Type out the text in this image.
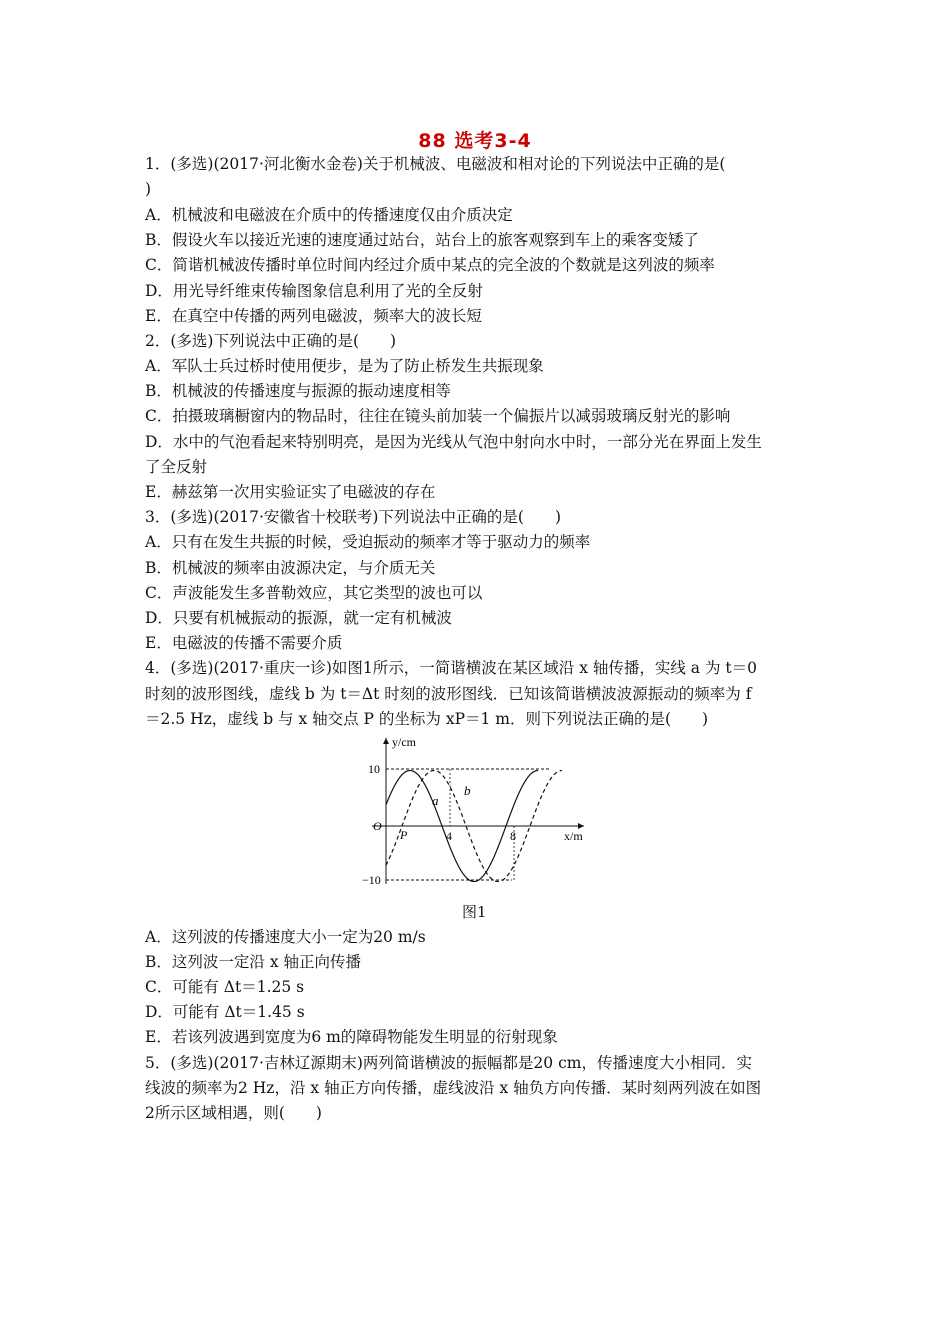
88 选考3-4
1．(多选)(2017·河北衡水金卷)关于机械波、电磁波和相对论的下列说法中正确的是(
)
A．机械波和电磁波在介质中的传播速度仅由介质决定
B．假设火车以接近光速的速度通过站台，站台上的旅客观察到车上的乘客变矮了
C．简谐机械波传播时单位时间内经过介质中某点的完全波的个数就是这列波的频率
D．用光导纤维束传输图象信息利用了光的全反射
E．在真空中传播的两列电磁波，频率大的波长短
2．(多选)下列说法中正确的是(　　)
A．军队士兵过桥时使用便步，是为了防止桥发生共振现象
B．机械波的传播速度与振源的振动速度相等
C．拍摄玻璃橱窗内的物品时，往往在镜头前加装一个偏振片以减弱玻璃反射光的影响
D．水中的气泡看起来特别明亮，是因为光线从气泡中射向水中时，一部分光在界面上发生
了全反射
E．赫兹第一次用实验证实了电磁波的存在
3．(多选)(2017·安徽省十校联考)下列说法中正确的是(　　)
A．只有在发生共振的时候，受迫振动的频率才等于驱动力的频率
B．机械波的频率由波源决定，与介质无关
C．声波能发生多普勒效应，其它类型的波也可以
D．只要有机械振动的振源，就一定有机械波
E．电磁波的传播不需要介质
4．(多选)(2017·重庆一诊)如图1所示，一简谐横波在某区域沿 x 轴传播，实线 a 为 t＝0
时刻的波形图线，虚线 b 为 t＝Δt 时刻的波形图线．已知该简谐横波波源振动的频率为 f
＝2.5 Hz，虚线 b 与 x 轴交点 P 的坐标为 xP＝1 m．则下列说法正确的是(　　)
y/cm
x/m
10
O
−10
4	8
P
a
b
图1
A．这列波的传播速度大小一定为20 m/s
B．这列波一定沿 x 轴正向传播
C．可能有 Δt＝1.25 s
D．可能有 Δt＝1.45 s
E．若该列波遇到宽度为6 m的障碍物能发生明显的衍射现象
5．(多选)(2017·吉林辽源期末)两列简谐横波的振幅都是20 cm，传播速度大小相同．实
线波的频率为2 Hz，沿 x 轴正方向传播，虚线波沿 x 轴负方向传播．某时刻两列波在如图
2所示区域相遇，则(　　)
